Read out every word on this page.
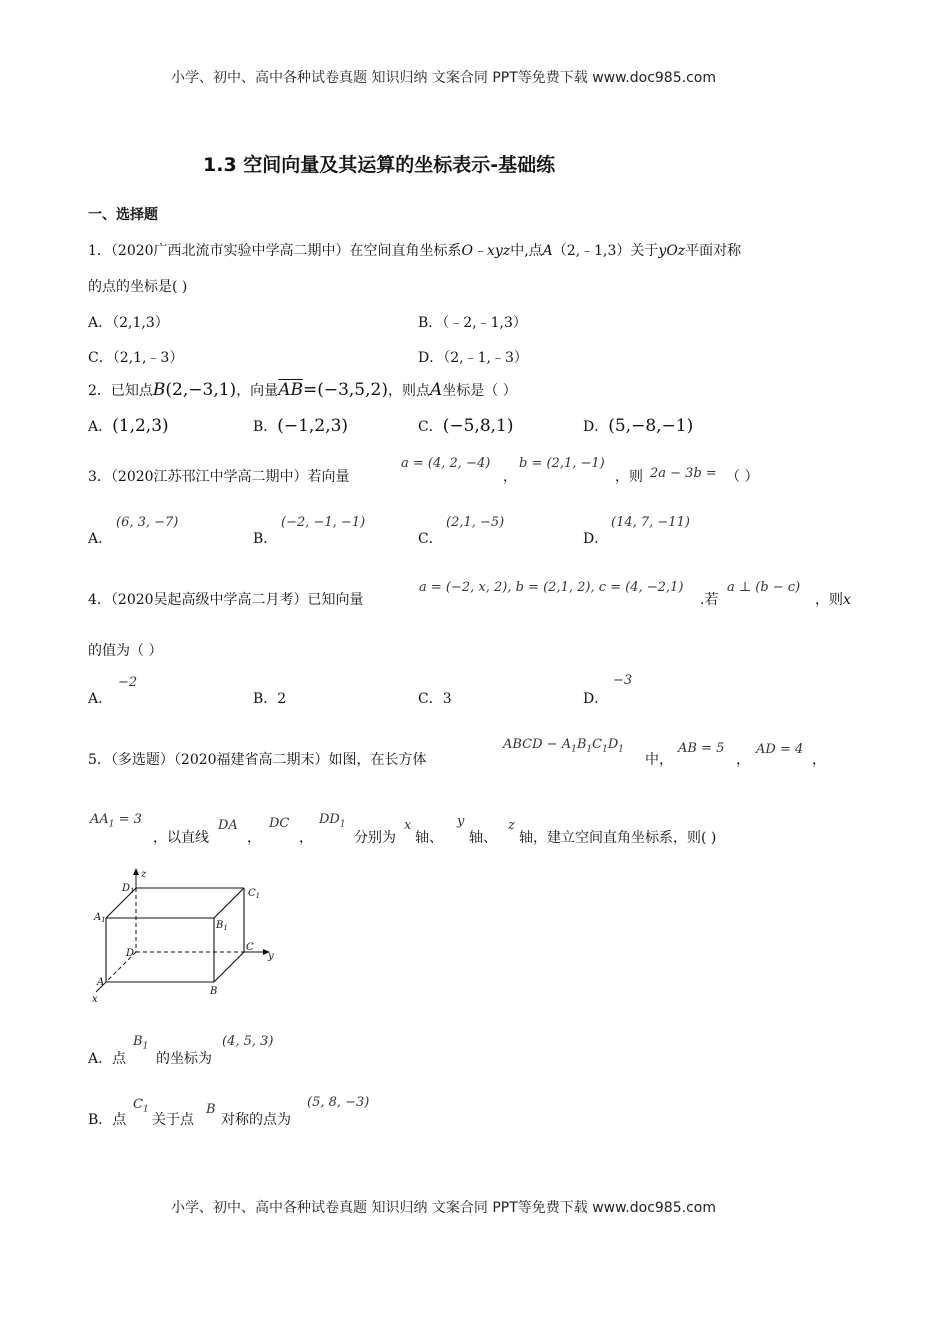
小学、初中、高中各种试卷真题 知识归纳 文案合同 PPT等免费下载 www.doc985.com
小学、初中、高中各种试卷真题 知识归纳 文案合同 PPT等免费下载 www.doc985.com
1.3 空间向量及其运算的坐标表示-基础练
一、选择题
1．（2020广西北流市实验中学高二期中）在空间直角坐标系O﹣xyz中,点A（2,﹣1,3）关于yOz平面对称
的点的坐标是( )
A．（2,1,3）	B．（﹣2,﹣1,3）
C．（2,1,﹣3）	D．（2,﹣1,﹣3）
2．已知点B(2,−3,1)，向量$\overline{AB}=(-3,5,2)$，则点A坐标是（ ）
A．(1,2,3)	B．(−1,2,3)	C．(−5,8,1)	D．(5,−8,−1)
3．（2020江苏邗江中学高二期中）若向量
a = (4, 2, −4)
，
b = (2,1, −1)
，则 2a − 3b = （ ）
A．
(6, 3, −7)
B．
(−2, −1, −1)
C．
(2,1, −5)
D．
(14, 7, −11)
4．（2020吴起高级中学高二月考）已知向量
a = (−2, x, 2), b = (2,1, 2), c = (4, −2,1)
.若
a ⊥ (b − c)
，则x
的值为（ ）
A．
−2
B．2	C．3	D．
−3
5．（多选题）（2020福建省高二期末）如图，在长方体
ABCD − $A_1B_1C_1D_1$
中，
AB = 5
，
AD = 4
，
$AA_1 = 3$
，以直线
DA
，
DC
，
$DD_1$
分别为
x
轴、
y
轴、
z
轴，建立空间直角坐标系，则( )
z
y
x
$D_1$	$C_1$
$A_1$	$B_1$
D
C
A
B
A．点
$B_1$
的坐标为
(4, 5, 3)
B．点
$C_1$
关于点
B
对称的点为
(5, 8, −3)
